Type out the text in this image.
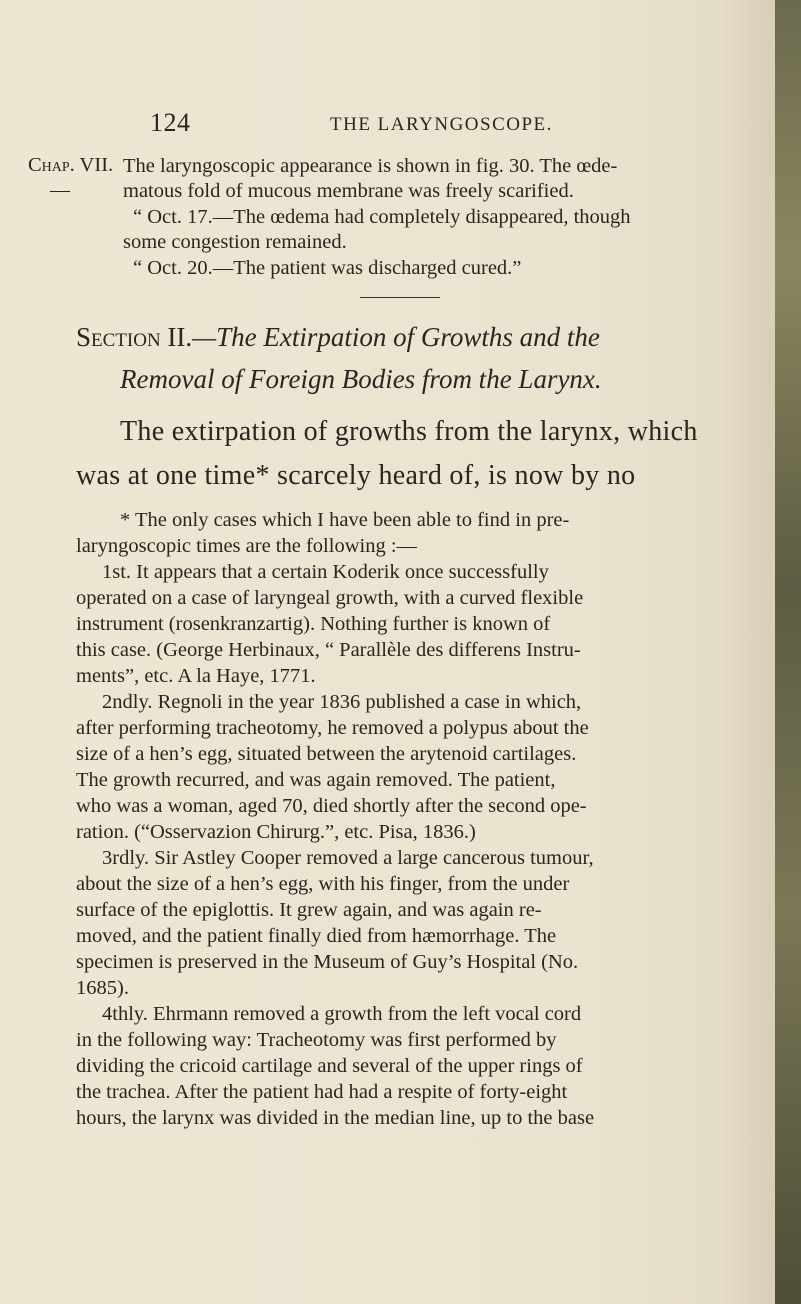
124	THE LARYNGOSCOPE.
Chap. VII.
—
The laryngoscopic appearance is shown in fig. 30. The œde-
matous fold of mucous membrane was freely scarified.
“ Oct. 17.—The œdema had completely disappeared, though
some congestion remained.
“ Oct. 20.—The patient was discharged cured.”
Section II.—The Extirpation of Growths and the
Removal of Foreign Bodies from the Larynx.
The extirpation of growths from the larynx, which
was at one time* scarcely heard of, is now by no
* The only cases which I have been able to find in pre-
laryngoscopic times are the following :—
1st. It appears that a certain Koderik once successfully
operated on a case of laryngeal growth, with a curved flexible
instrument (rosenkranzartig). Nothing further is known of
this case. (George Herbinaux, “ Parallèle des differens Instru-
ments”, etc. A la Haye, 1771.
2ndly. Regnoli in the year 1836 published a case in which,
after performing tracheotomy, he removed a polypus about the
size of a hen’s egg, situated between the arytenoid cartilages.
The growth recurred, and was again removed. The patient,
who was a woman, aged 70, died shortly after the second ope-
ration. (“Osservazion Chirurg.”, etc. Pisa, 1836.)
3rdly. Sir Astley Cooper removed a large cancerous tumour,
about the size of a hen’s egg, with his finger, from the under
surface of the epiglottis. It grew again, and was again re-
moved, and the patient finally died from hæmorrhage. The
specimen is preserved in the Museum of Guy’s Hospital (No.
1685).
4thly. Ehrmann removed a growth from the left vocal cord
in the following way: Tracheotomy was first performed by
dividing the cricoid cartilage and several of the upper rings of
the trachea. After the patient had had a respite of forty-eight
hours, the larynx was divided in the median line, up to the base
